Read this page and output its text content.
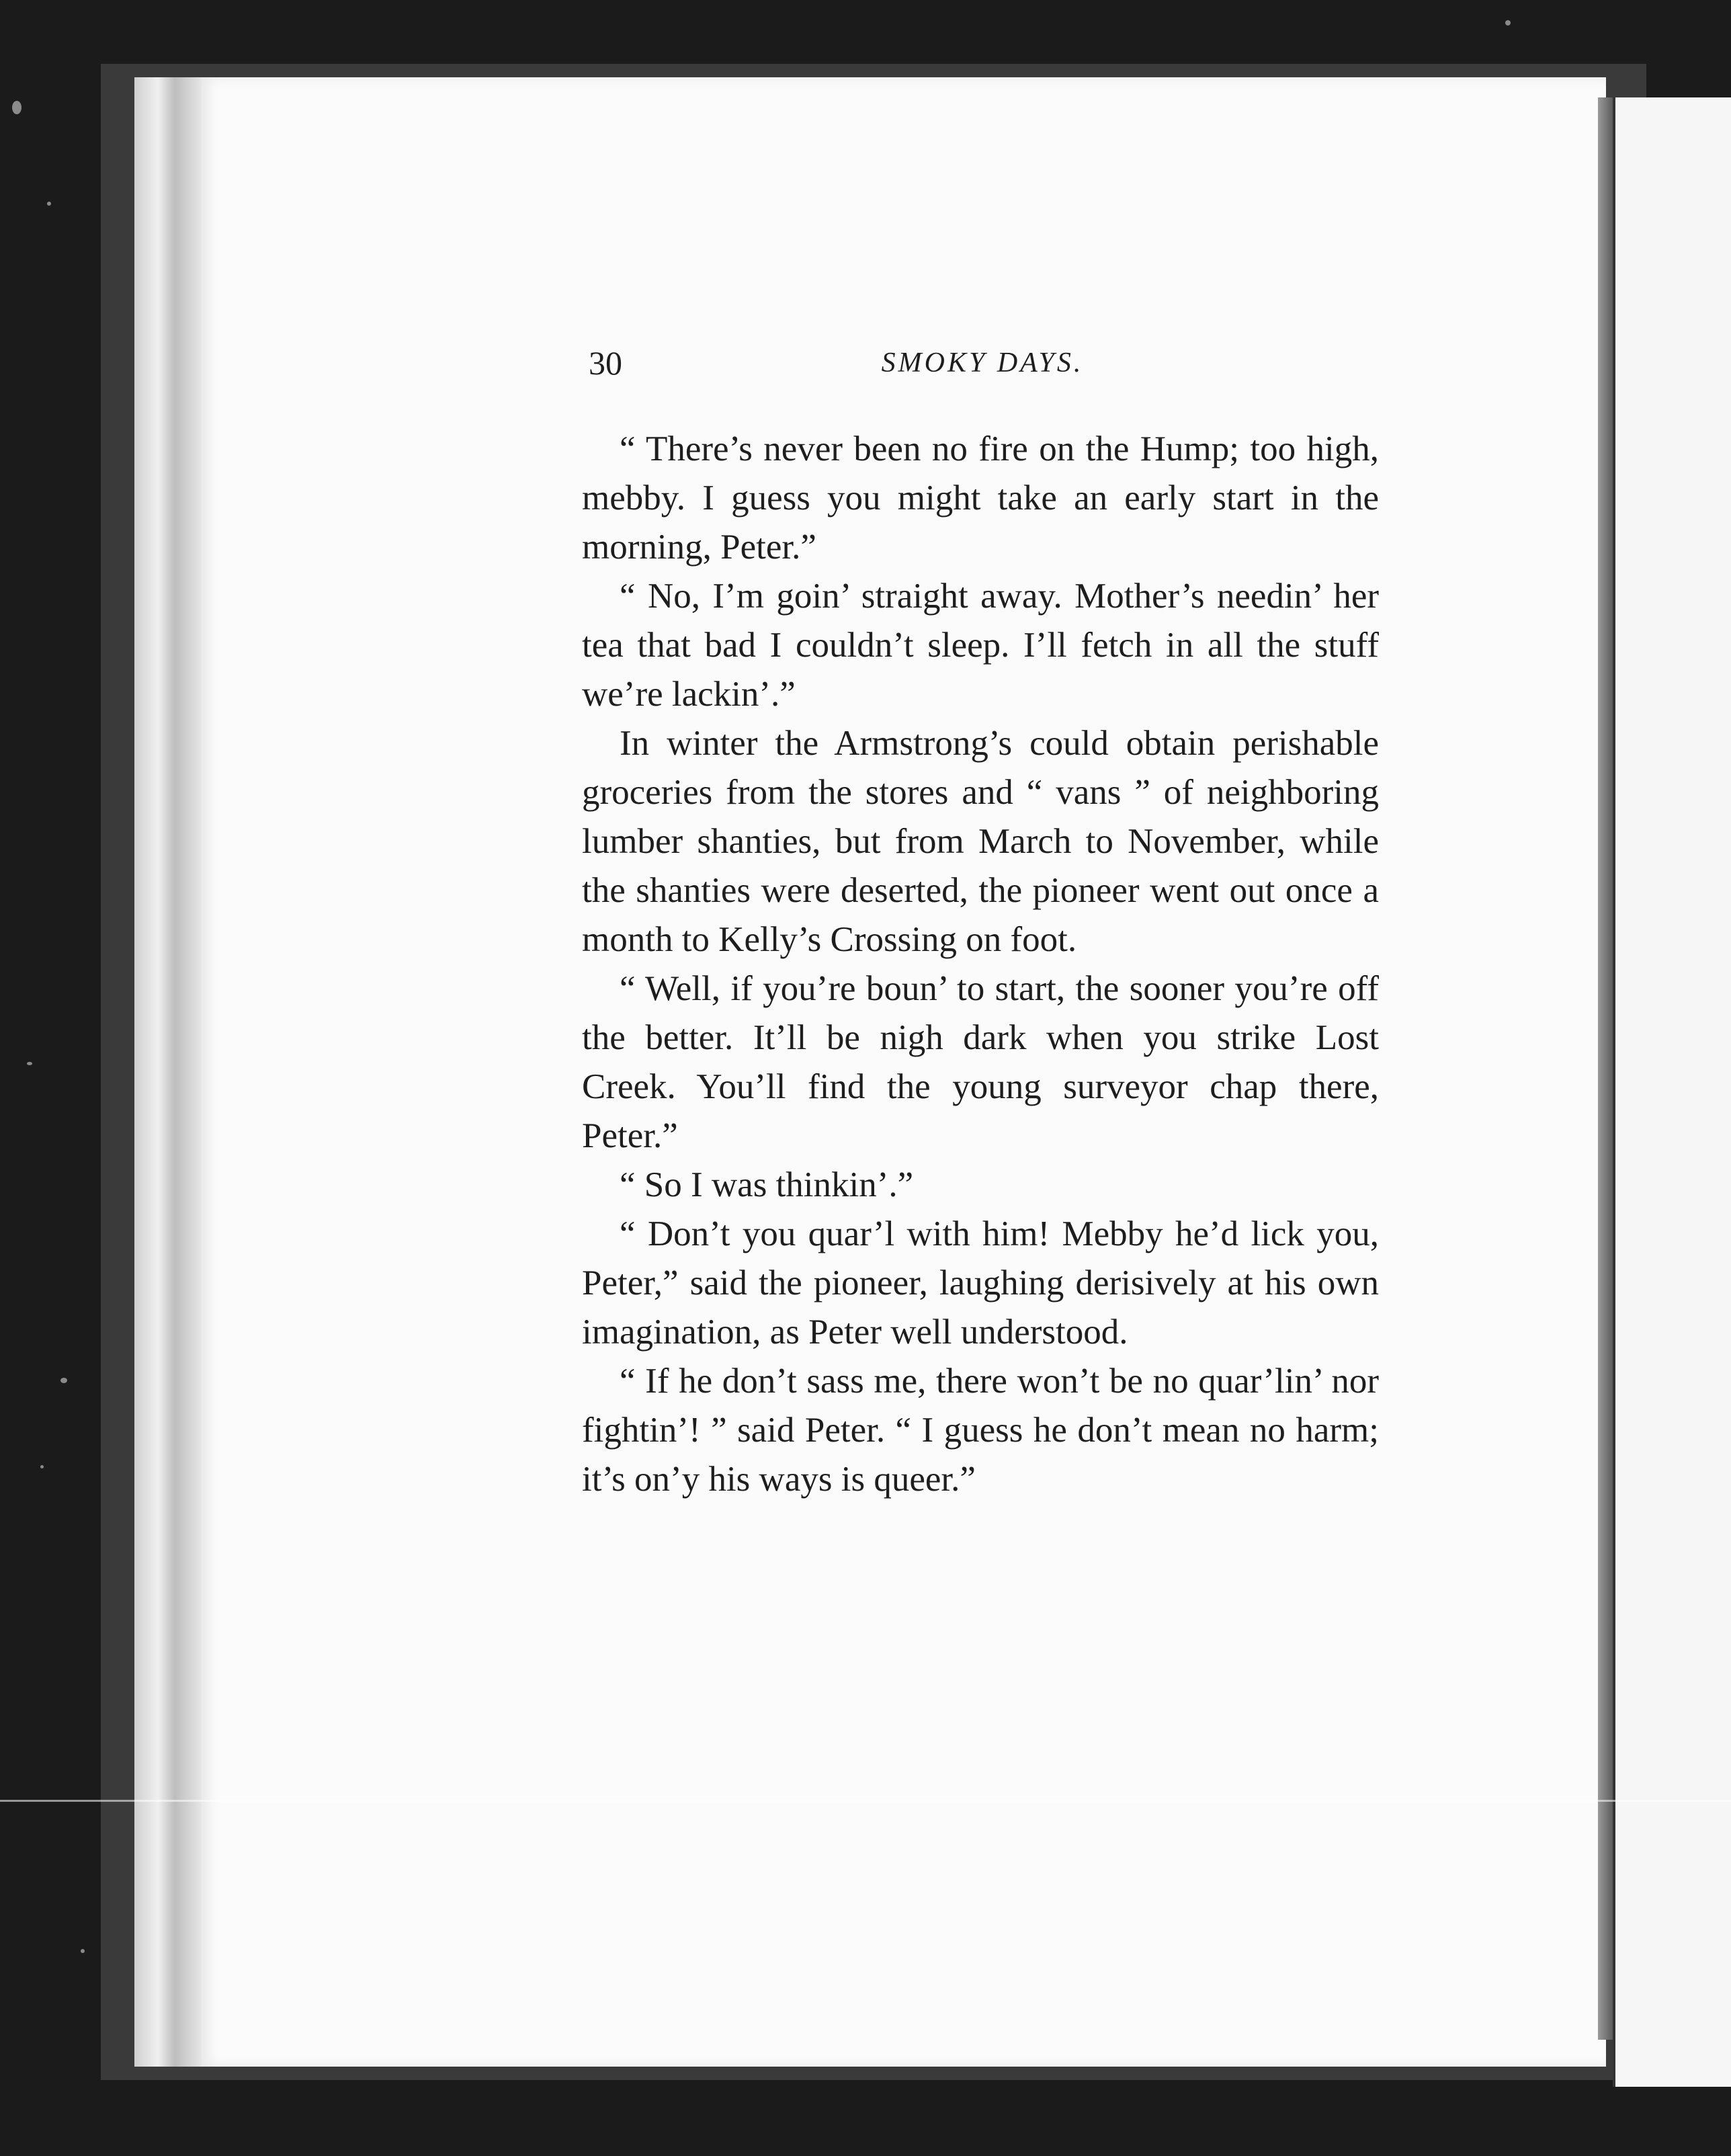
30	SMOKY DAYS.

“ There’s never been no fire on the Hump; too high, mebby. I guess you might take an early start in the morning, Peter.”

“ No, I’m goin’ straight away. Mother’s needin’ her tea that bad I couldn’t sleep. I’ll fetch in all the stuff we’re lackin’.”

In winter the Armstrong’s could obtain perishable groceries from the stores and “ vans ” of neighboring lumber shanties, but from March to November, while the shanties were deserted, the pioneer went out once a month to Kelly’s Crossing on foot.

“ Well, if you’re boun’ to start, the sooner you’re off the better. It’ll be nigh dark when you strike Lost Creek. You’ll find the young surveyor chap there, Peter.”

“ So I was thinkin’.”

“ Don’t you quar’l with him! Mebby he’d lick you, Peter,” said the pioneer, laughing derisively at his own imagination, as Peter well understood.

“ If he don’t sass me, there won’t be no quar’lin’ nor fightin’! ” said Peter. “ I guess he don’t mean no harm; it’s on’y his ways is queer.”
